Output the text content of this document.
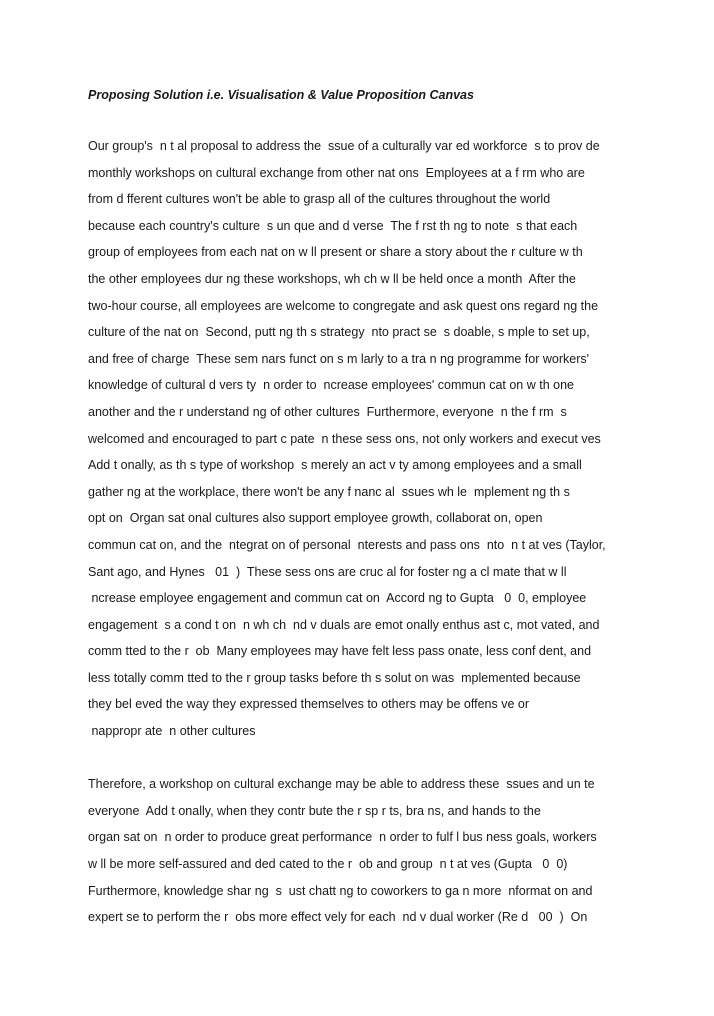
Proposing Solution i.e. Visualisation & Value Proposition Canvas
Our group's  n t al proposal to address the  ssue of a culturally var ed workforce  s to prov de
monthly workshops on cultural exchange from other nat ons  Employees at a f rm who are
from d fferent cultures won't be able to grasp all of the cultures throughout the world
because each country's culture  s un que and d verse  The f rst th ng to note  s that each
group of employees from each nat on w ll present or share a story about the r culture w th
the other employees dur ng these workshops, wh ch w ll be held once a month  After the
two-hour course, all employees are welcome to congregate and ask quest ons regard ng the
culture of the nat on  Second, putt ng th s strategy  nto pract se  s doable, s mple to set up,
and free of charge  These sem nars funct on s m larly to a tra n ng programme for workers'
knowledge of cultural d vers ty  n order to  ncrease employees' commun cat on w th one
another and the r understand ng of other cultures  Furthermore, everyone  n the f rm  s
welcomed and encouraged to part c pate  n these sess ons, not only workers and execut ves
Add t onally, as th s type of workshop  s merely an act v ty among employees and a small
gather ng at the workplace, there won't be any f nanc al  ssues wh le  mplement ng th s
opt on  Organ sat onal cultures also support employee growth, collaborat on, open
commun cat on, and the  ntegrat on of personal  nterests and pass ons  nto  n t at ves (Taylor,
Sant ago, and Hynes   01  )  These sess ons are cruc al for foster ng a cl mate that w ll
ncrease employee engagement and commun cat on  Accord ng to Gupta   0  0, employee
engagement  s a cond t on  n wh ch  nd v duals are emot onally enthus ast c, mot vated, and
comm tted to the r  ob  Many employees may have felt less pass onate, less conf dent, and
less totally comm tted to the r group tasks before th s solut on was  mplemented because
they bel eved the way they expressed themselves to others may be offens ve or
nappropr ate  n other cultures
Therefore, a workshop on cultural exchange may be able to address these  ssues and un te
everyone  Add t onally, when they contr bute the r sp r ts, bra ns, and hands to the
organ sat on  n order to produce great performance  n order to fulf l bus ness goals, workers
w ll be more self-assured and ded cated to the r  ob and group  n t at ves (Gupta   0  0)
Furthermore, knowledge shar ng  s  ust chatt ng to coworkers to ga n more  nformat on and
expert se to perform the r  obs more effect vely for each  nd v dual worker (Re d   00  )  On
